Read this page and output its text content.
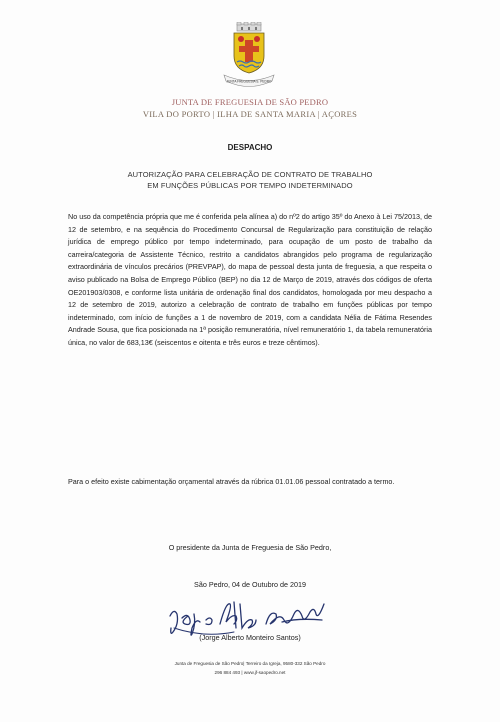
JUNTA FREGUESIA S. PEDRO
JUNTA DE FREGUESIA DE SÃO PEDRO
VILA DO PORTO | ILHA DE SANTA MARIA | AÇORES
DESPACHO
AUTORIZAÇÃO PARA CELEBRAÇÃO DE CONTRATO DE TRABALHO
EM FUNÇÕES PÚBLICAS POR TEMPO INDETERMINADO
No uso da competência própria que me é conferida pela alínea a) do nº2 do artigo 35º do Anexo à Lei 75/2013, de 12 de setembro, e na sequência do Procedimento Concursal de Regularização para constituição de relação jurídica de emprego público por tempo indeterminado, para ocupação de um posto de trabalho da carreira/categoria de Assistente Técnico, restrito a candidatos abrangidos pelo programa de regularização extraordinária de vínculos precários (PREVPAP), do mapa de pessoal desta junta de freguesia, a que respeita o aviso publicado na Bolsa de Emprego Público (BEP) no dia 12 de Março de 2019, através dos códigos de oferta OE201903/0308, e conforme lista unitária de ordenação final dos candidatos, homologada por meu despacho a 12 de setembro de 2019, autorizo a celebração de contrato de trabalho em funções públicas por tempo indeterminado, com início de funções a 1 de novembro de 2019, com a candidata Nélia de Fátima Resendes Andrade Sousa, que fica posicionada na 1ª posição remuneratória, nível remuneratório 1, da tabela remuneratória única, no valor de 683,13€ (seiscentos e oitenta e três euros e treze cêntimos).
Para o efeito existe cabimentação orçamental através da rúbrica 01.01.06 pessoal contratado a termo.
O presidente da Junta de Freguesia de São Pedro,
São Pedro, 04 de Outubro de 2019
(Jorge Alberto Monteiro Santos)
Junta de Freguesia de São Pedro| Terreiro da Igreja, 9580-332 São Pedro
296 884 493 | www.jf-saopedro.net
